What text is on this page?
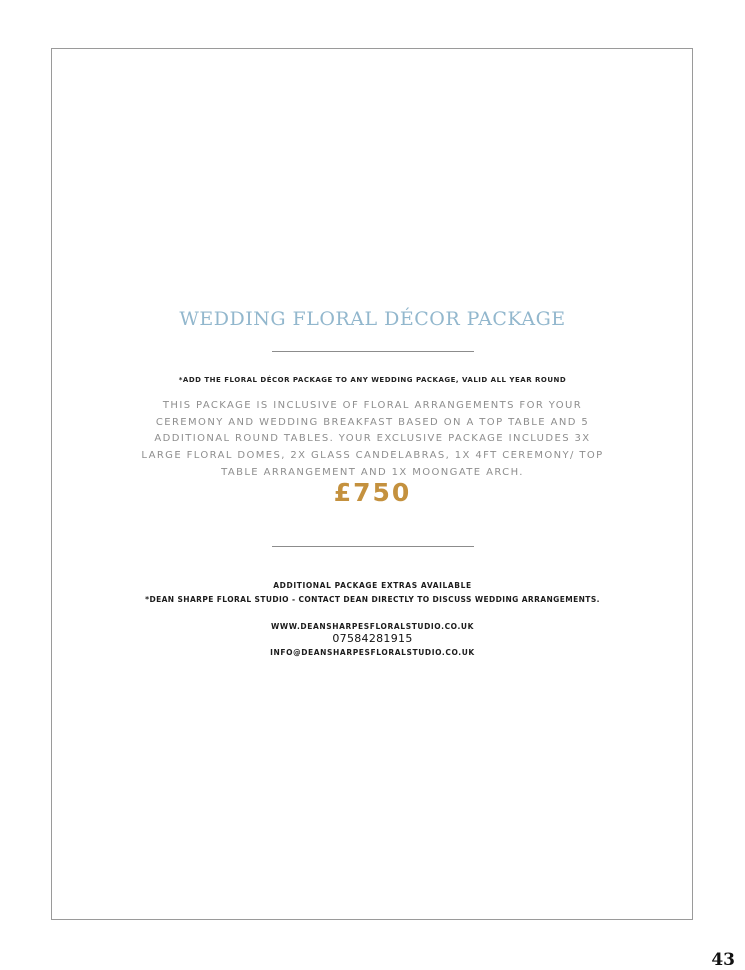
WEDDING FLORAL DÉCOR PACKAGE
*ADD THE FLORAL DÉCOR PACKAGE TO ANY WEDDING PACKAGE, VALID ALL YEAR ROUND
THIS PACKAGE IS INCLUSIVE OF FLORAL ARRANGEMENTS FOR YOUR CEREMONY AND WEDDING BREAKFAST BASED ON A TOP TABLE AND 5 ADDITIONAL ROUND TABLES. YOUR EXCLUSIVE PACKAGE INCLUDES 3X LARGE FLORAL DOMES, 2X GLASS CANDELABRAS, 1X 4FT CEREMONY/ TOP TABLE ARRANGEMENT AND 1X MOONGATE ARCH.
£750
ADDITIONAL PACKAGE EXTRAS AVAILABLE
*DEAN SHARPE FLORAL STUDIO - CONTACT DEAN DIRECTLY TO DISCUSS WEDDING ARRANGEMENTS.
WWW.DEANSHARPESFLORALSTUDIO.CO.UK
07584281915
INFO@DEANSHARPESFLORALSTUDIO.CO.UK
43
